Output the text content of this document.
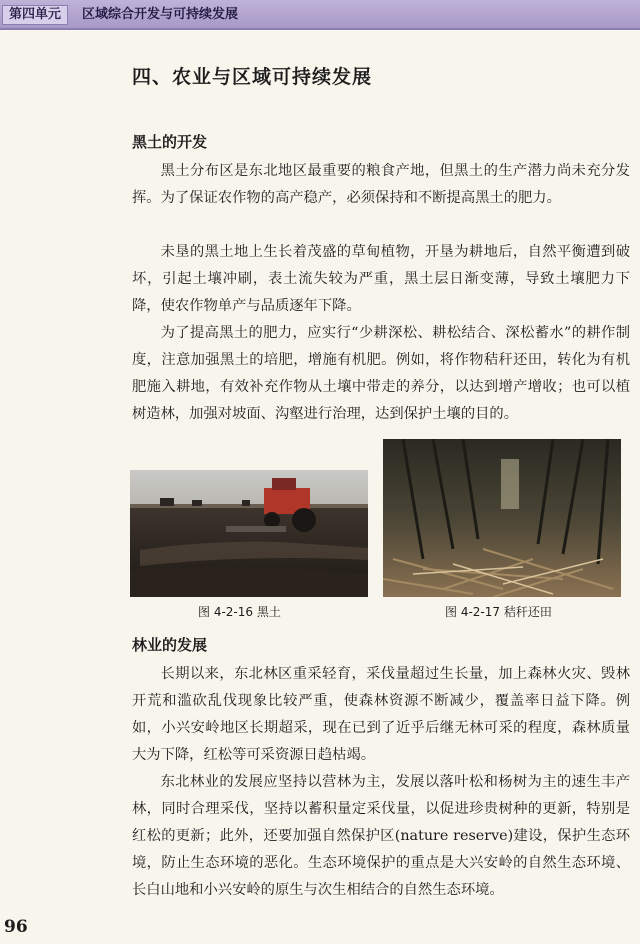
第四单元	区域综合开发与可持续发展
四、农业与区域可持续发展
黑土的开发

黑土分布区是东北地区最重要的粮食产地，但黑土的生产潜力尚未充分发挥。为了保证农作物的高产稳产，必须保持和不断提高黑土的肥力。

未垦的黑土地上生长着茂盛的草甸植物，开垦为耕地后，自然平衡遭到破坏，引起土壤冲刷，表土流失较为严重，黑土层日渐变薄，导致土壤肥力下降，使农作物单产与品质逐年下降。

为了提高黑土的肥力，应实行“少耕深松、耕松结合、深松蓄水”的耕作制度，注意加强黑土的培肥，增施有机肥。例如，将作物秸秆还田，转化为有机肥施入耕地，有效补充作物从土壤中带走的养分，以达到增产增收；也可以植树造林，加强对坡面、沟壑进行治理，达到保护土壤的目的。

图 4-2-16 黑土	图 4-2-17 秸秆还田
林业的发展

长期以来，东北林区重采轻育，采伐量超过生长量，加上森林火灾、毁林开荒和滥砍乱伐现象比较严重，使森林资源不断减少，覆盖率日益下降。例如，小兴安岭地区长期超采，现在已到了近乎后继无林可采的程度，森林质量大为下降，红松等可采资源日趋枯竭。

东北林业的发展应坚持以营林为主，发展以落叶松和杨树为主的速生丰产林，同时合理采伐，坚持以蓄积量定采伐量，以促进珍贵树种的更新，特别是红松的更新；此外，还要加强自然保护区(nature reserve)建设，保护生态环境，防止生态环境的恶化。生态环境保护的重点是大兴安岭的自然生态环境、长白山地和小兴安岭的原生与次生相结合的自然生态环境。

96
